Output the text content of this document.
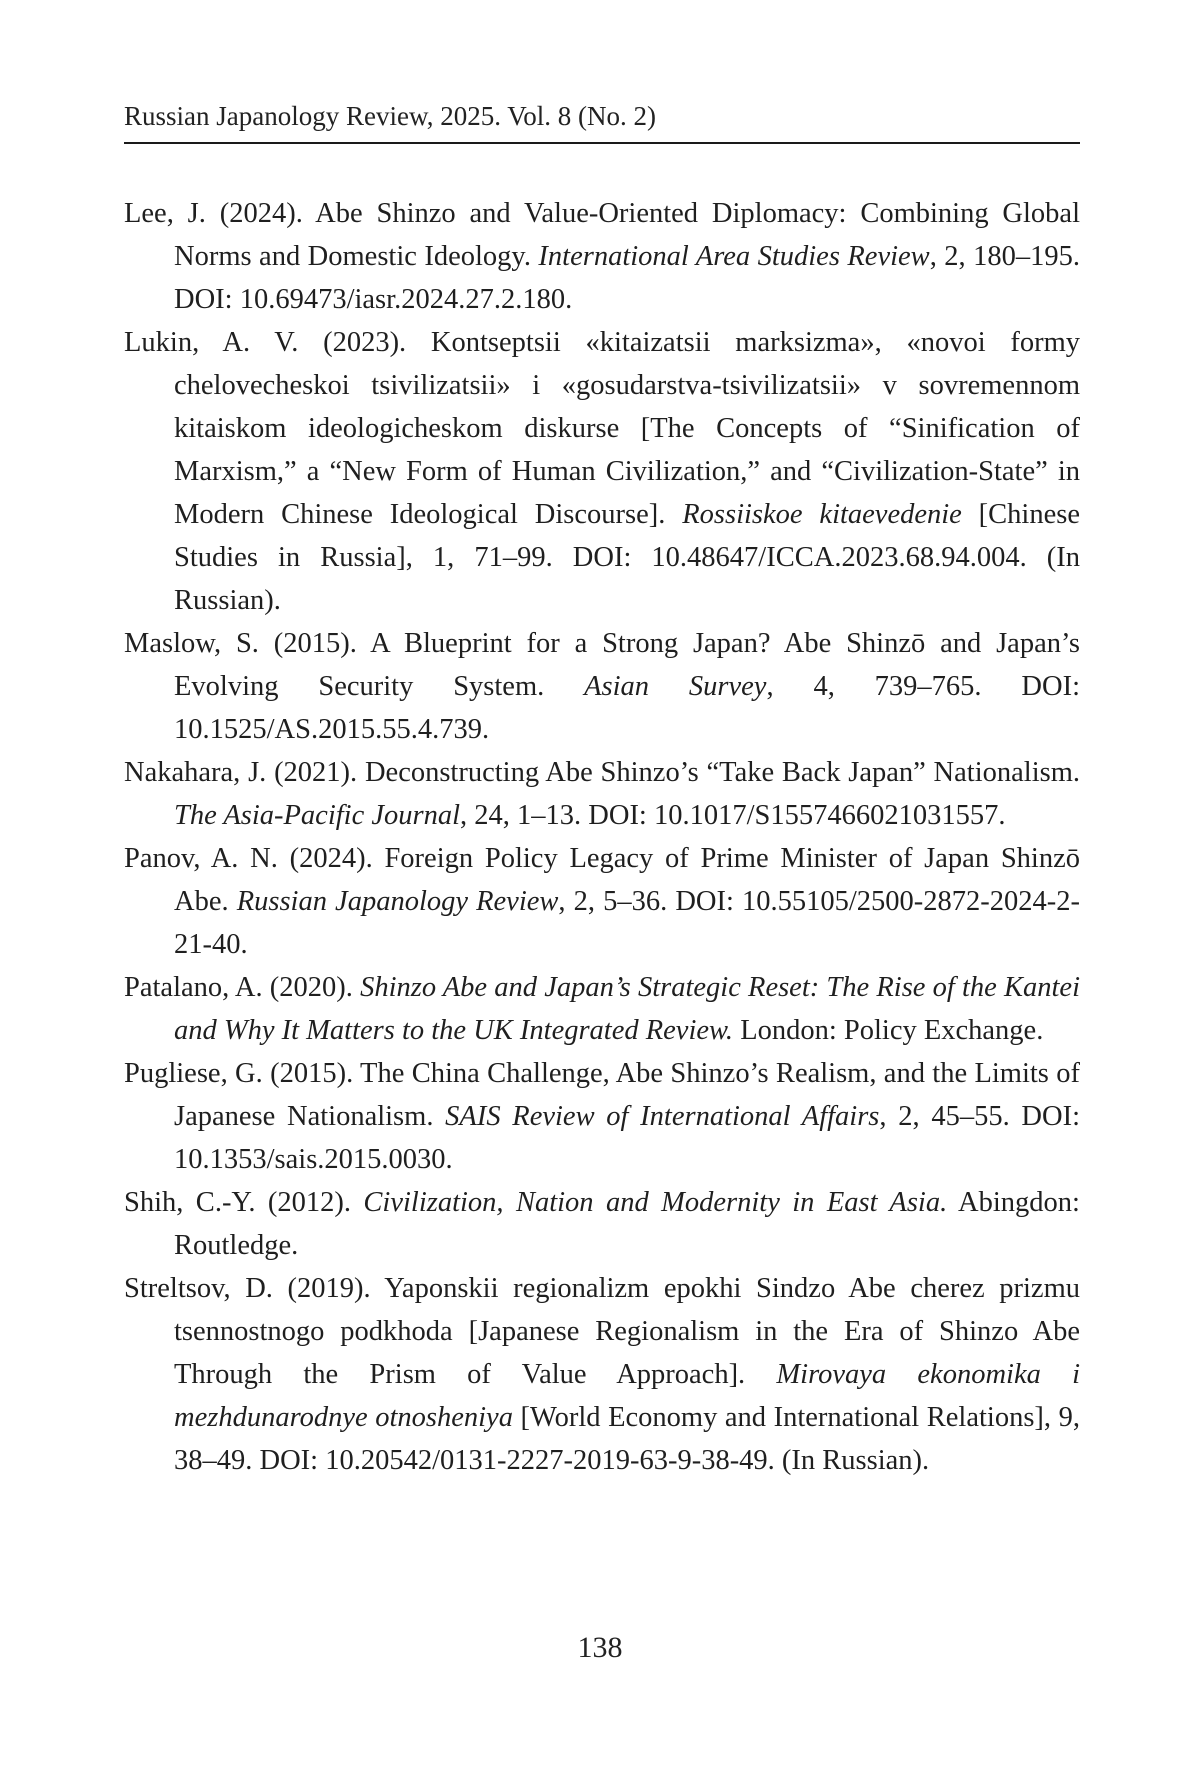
Russian Japanology Review, 2025. Vol. 8 (No. 2)
Lee, J. (2024). Abe Shinzo and Value-Oriented Diplomacy: Combining Global Norms and Domestic Ideology. International Area Studies Review, 2, 180–195. DOI: 10.69473/iasr.2024.27.2.180.
Lukin, A. V. (2023). Kontseptsii «kitaizatsii marksizma», «novoi formy chelovecheskoi tsivilizatsii» i «gosudarstva-tsivilizatsii» v sovremennom kitaiskom ideologicheskom diskurse [The Concepts of “Sinification of Marxism,” a “New Form of Human Civilization,” and “Civilization-State” in Modern Chinese Ideological Discourse]. Rossiiskoe kitaevedenie [Chinese Studies in Russia], 1, 71–99. DOI: 10.48647/ICCA.2023.68.94.004. (In Russian).
Maslow, S. (2015). A Blueprint for a Strong Japan? Abe Shinzō and Japan’s Evolving Security System. Asian Survey, 4, 739–765. DOI: 10.1525/AS.2015.55.4.739.
Nakahara, J. (2021). Deconstructing Abe Shinzo’s “Take Back Japan” Nationalism. The Asia-Pacific Journal, 24, 1–13. DOI: 10.1017/S1557466021031557.
Panov, A. N. (2024). Foreign Policy Legacy of Prime Minister of Japan Shinzō Abe. Russian Japanology Review, 2, 5–36. DOI: 10.55105/2500-2872-2024-2-21-40.
Patalano, A. (2020). Shinzo Abe and Japan’s Strategic Reset: The Rise of the Kantei and Why It Matters to the UK Integrated Review. London: Policy Exchange.
Pugliese, G. (2015). The China Challenge, Abe Shinzo’s Realism, and the Limits of Japanese Nationalism. SAIS Review of International Affairs, 2, 45–55. DOI: 10.1353/sais.2015.0030.
Shih, C.-Y. (2012). Civilization, Nation and Modernity in East Asia. Abingdon: Routledge.
Streltsov, D. (2019). Yaponskii regionalizm epokhi Sindzo Abe cherez prizmu tsennostnogo podkhoda [Japanese Regionalism in the Era of Shinzo Abe Through the Prism of Value Approach]. Mirovaya ekonomika i mezhdunarodnye otnosheniya [World Economy and International Relations], 9, 38–49. DOI: 10.20542/0131-2227-2019-63-9-38-49. (In Russian).
138
